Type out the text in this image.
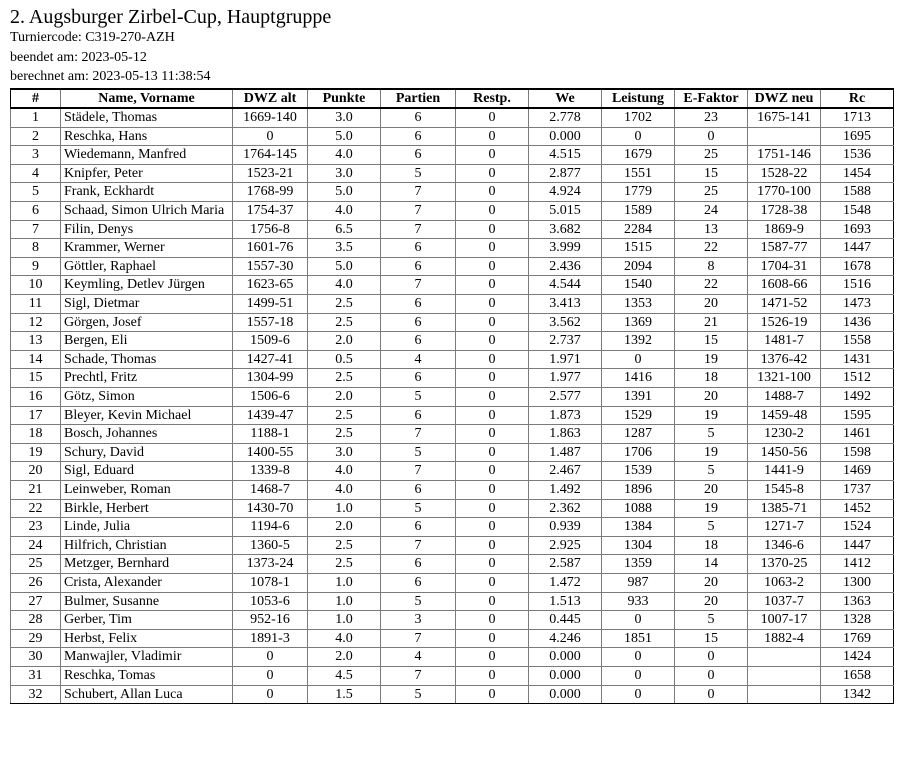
2. Augsburger Zirbel-Cup, Hauptgruppe
Turniercode: C319-270-AZH
beendet am: 2023-05-12
berechnet am: 2023-05-13 11:38:54
#	Name, Vorname	DWZ alt	Punkte	Partien	Restp.	We	Leistung	E-Faktor	DWZ neu	Rc
1	Städele, Thomas	1669-140	3.0	6	0	2.778	1702	23	1675-141	1713
2	Reschka, Hans	0	5.0	6	0	0.000	0	0		1695
3	Wiedemann, Manfred	1764-145	4.0	6	0	4.515	1679	25	1751-146	1536
4	Knipfer, Peter	1523-21	3.0	5	0	2.877	1551	15	1528-22	1454
5	Frank, Eckhardt	1768-99	5.0	7	0	4.924	1779	25	1770-100	1588
6	Schaad, Simon Ulrich Maria	1754-37	4.0	7	0	5.015	1589	24	1728-38	1548
7	Filin, Denys	1756-8	6.5	7	0	3.682	2284	13	1869-9	1693
8	Krammer, Werner	1601-76	3.5	6	0	3.999	1515	22	1587-77	1447
9	Göttler, Raphael	1557-30	5.0	6	0	2.436	2094	8	1704-31	1678
10	Keymling, Detlev Jürgen	1623-65	4.0	7	0	4.544	1540	22	1608-66	1516
11	Sigl, Dietmar	1499-51	2.5	6	0	3.413	1353	20	1471-52	1473
12	Görgen, Josef	1557-18	2.5	6	0	3.562	1369	21	1526-19	1436
13	Bergen, Eli	1509-6	2.0	6	0	2.737	1392	15	1481-7	1558
14	Schade, Thomas	1427-41	0.5	4	0	1.971	0	19	1376-42	1431
15	Prechtl, Fritz	1304-99	2.5	6	0	1.977	1416	18	1321-100	1512
16	Götz, Simon	1506-6	2.0	5	0	2.577	1391	20	1488-7	1492
17	Bleyer, Kevin Michael	1439-47	2.5	6	0	1.873	1529	19	1459-48	1595
18	Bosch, Johannes	1188-1	2.5	7	0	1.863	1287	5	1230-2	1461
19	Schury, David	1400-55	3.0	5	0	1.487	1706	19	1450-56	1598
20	Sigl, Eduard	1339-8	4.0	7	0	2.467	1539	5	1441-9	1469
21	Leinweber, Roman	1468-7	4.0	6	0	1.492	1896	20	1545-8	1737
22	Birkle, Herbert	1430-70	1.0	5	0	2.362	1088	19	1385-71	1452
23	Linde, Julia	1194-6	2.0	6	0	0.939	1384	5	1271-7	1524
24	Hilfrich, Christian	1360-5	2.5	7	0	2.925	1304	18	1346-6	1447
25	Metzger, Bernhard	1373-24	2.5	6	0	2.587	1359	14	1370-25	1412
26	Crista, Alexander	1078-1	1.0	6	0	1.472	987	20	1063-2	1300
27	Bulmer, Susanne	1053-6	1.0	5	0	1.513	933	20	1037-7	1363
28	Gerber, Tim	952-16	1.0	3	0	0.445	0	5	1007-17	1328
29	Herbst, Felix	1891-3	4.0	7	0	4.246	1851	15	1882-4	1769
30	Manwajler, Vladimir	0	2.0	4	0	0.000	0	0		1424
31	Reschka, Tomas	0	4.5	7	0	0.000	0	0		1658
32	Schubert, Allan Luca	0	1.5	5	0	0.000	0	0		1342
